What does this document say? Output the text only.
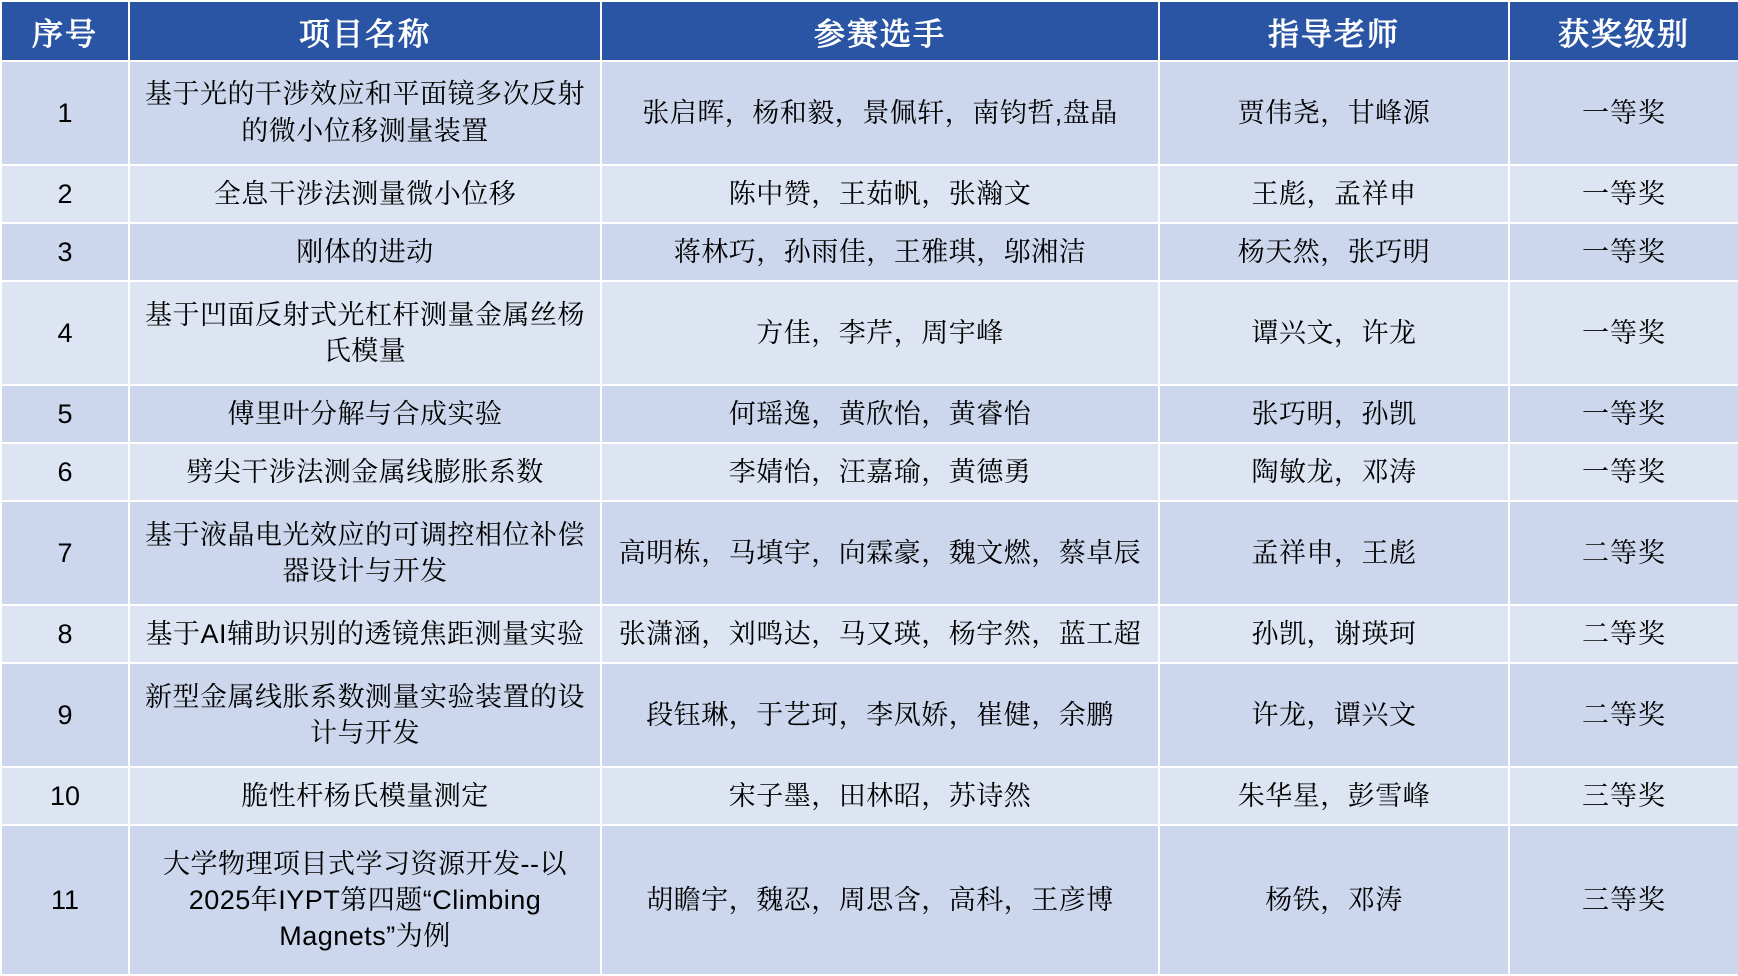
序号	项目名称	参赛选手	指导老师	获奖级别
1	基于光的干涉效应和平面镜多次反射的微小位移测量装置	张启晖，杨和毅，景佩轩，南钧哲,盘晶	贾伟尧，甘峰源	一等奖
2	全息干涉法测量微小位移	陈中赞，王茹帆，张瀚文	王彪，孟祥申	一等奖
3	刚体的进动	蒋林巧，孙雨佳，王雅琪，邬湘洁	杨天然，张巧明	一等奖
4	基于凹面反射式光杠杆测量金属丝杨氏模量	方佳，李芹，周宇峰	谭兴文，许龙	一等奖
5	傅里叶分解与合成实验	何瑶逸，黄欣怡，黄睿怡	张巧明，孙凯	一等奖
6	劈尖干涉法测金属线膨胀系数	李婧怡，汪嘉瑜，黄德勇	陶敏龙，邓涛	一等奖
7	基于液晶电光效应的可调控相位补偿器设计与开发	高明栋，马填宇，向霖豪，魏文燃，蔡卓辰	孟祥申，王彪	二等奖
8	基于AI辅助识别的透镜焦距测量实验	张潇涵，刘鸣达，马又瑛，杨宇然，蓝工超	孙凯，谢瑛珂	二等奖
9	新型金属线胀系数测量实验装置的设计与开发	段钰琳，于艺珂，李凤娇，崔健，余鹏	许龙，谭兴文	二等奖
10	脆性杆杨氏模量测定	宋子墨，田林昭，苏诗然	朱华星，彭雪峰	三等奖
11	大学物理项目式学习资源开发--以2025年IYPT第四题“Climbing Magnets”为例	胡瞻宇，魏忍，周思含，高科，王彦博	杨铁，邓涛	三等奖
